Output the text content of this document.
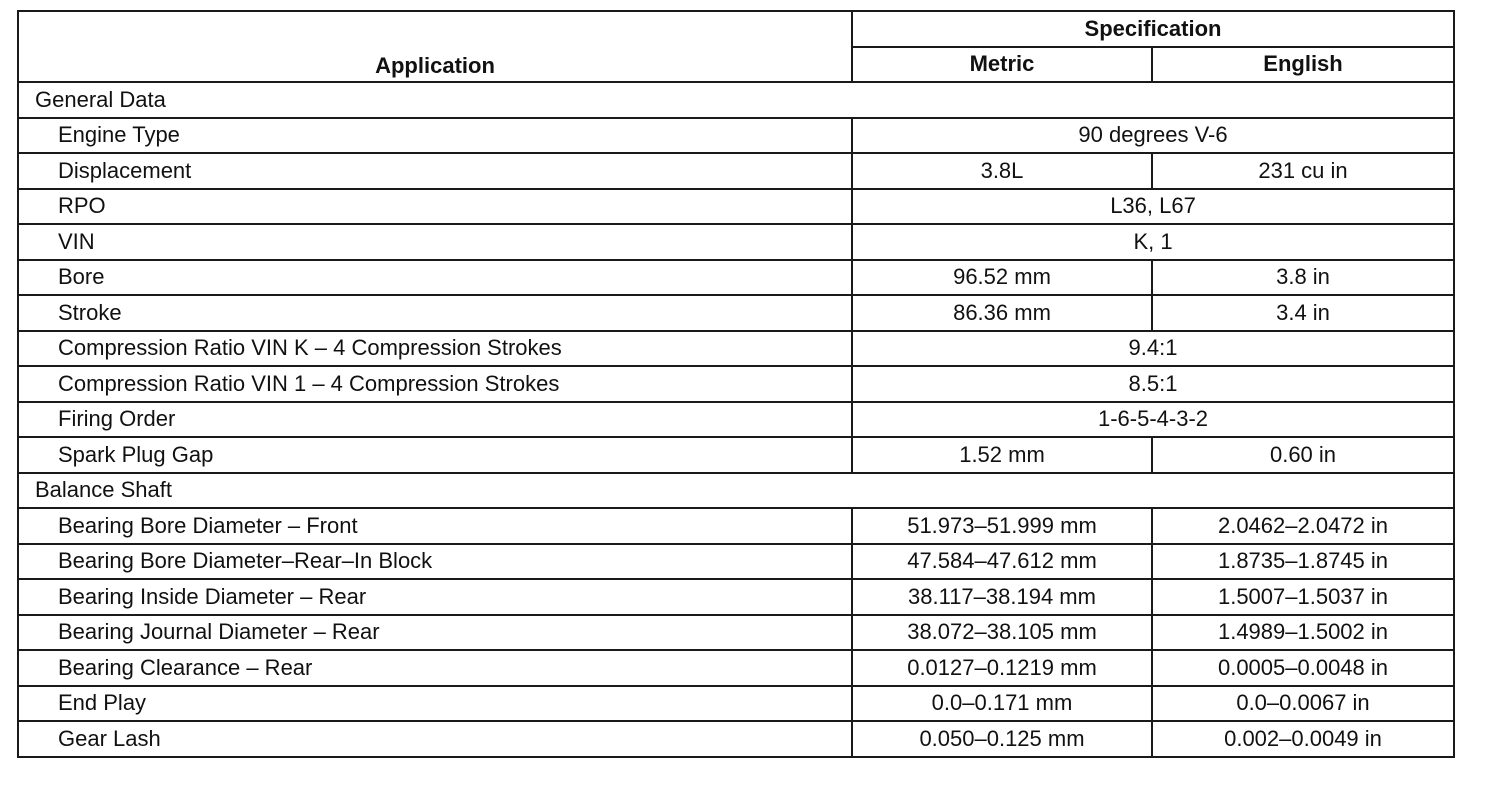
Application	Specification	
	Metric	English
General Data		
Engine Type	90 degrees V-6	
Displacement	3.8L	231 cu in
RPO	L36, L67	
VIN	K, 1	
Bore	96.52 mm	3.8 in
Stroke	86.36 mm	3.4 in
Compression Ratio VIN K – 4 Compression Strokes	9.4:1	
Compression Ratio VIN 1 – 4 Compression Strokes	8.5:1	
Firing Order	1-6-5-4-3-2	
Spark Plug Gap	1.52 mm	0.60 in
Balance Shaft		
Bearing Bore Diameter – Front	51.973–51.999 mm	2.0462–2.0472 in
Bearing Bore Diameter–Rear–In Block	47.584–47.612 mm	1.8735–1.8745 in
Bearing Inside Diameter – Rear	38.117–38.194 mm	1.5007–1.5037 in
Bearing Journal Diameter – Rear	38.072–38.105 mm	1.4989–1.5002 in
Bearing Clearance – Rear	0.0127–0.1219 mm	0.0005–0.0048 in
End Play	0.0–0.171 mm	0.0–0.0067 in
Gear Lash	0.050–0.125 mm	0.002–0.0049 in
